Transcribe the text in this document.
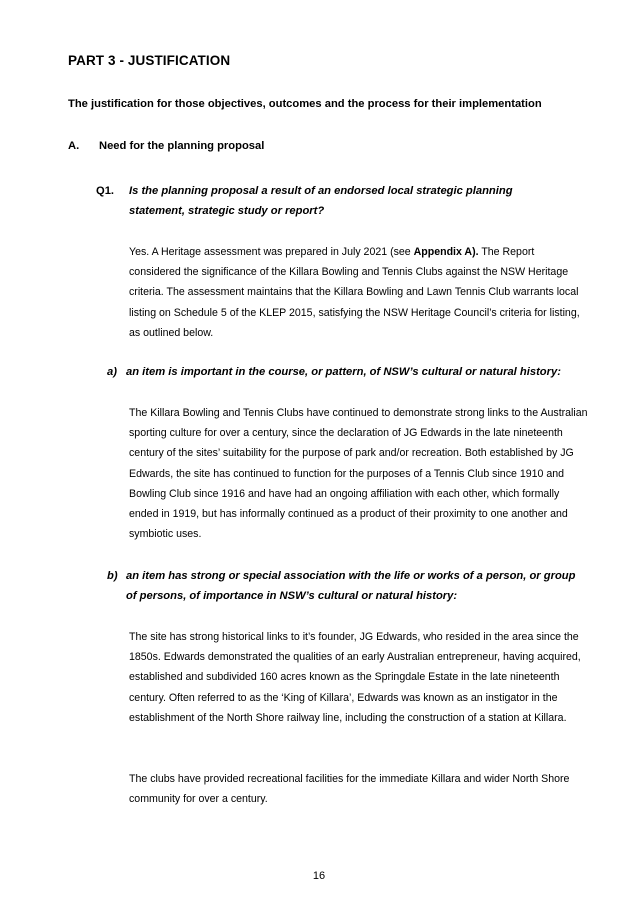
PART 3 - JUSTIFICATION

The justification for those objectives, outcomes and the process for their implementation

A. Need for the planning proposal

Q1. Is the planning proposal a result of an endorsed local strategic planning statement, strategic study or report?

Yes. A Heritage assessment was prepared in July 2021 (see Appendix A). The Report considered the significance of the Killara Bowling and Tennis Clubs against the NSW Heritage criteria. The assessment maintains that the Killara Bowling and Lawn Tennis Club warrants local listing on Schedule 5 of the KLEP 2015, satisfying the NSW Heritage Council’s criteria for listing, as outlined below.

a) an item is important in the course, or pattern, of NSW’s cultural or natural history:

The Killara Bowling and Tennis Clubs have continued to demonstrate strong links to the Australian sporting culture for over a century, since the declaration of JG Edwards in the late nineteenth century of the sites’ suitability for the purpose of park and/or recreation. Both established by JG Edwards, the site has continued to function for the purposes of a Tennis Club since 1910 and Bowling Club since 1916 and have had an ongoing affiliation with each other, which formally ended in 1919, but has informally continued as a product of their proximity to one another and symbiotic uses.

b) an item has strong or special association with the life or works of a person, or group of persons, of importance in NSW’s cultural or natural history:

The site has strong historical links to it’s founder, JG Edwards, who resided in the area since the 1850s. Edwards demonstrated the qualities of an early Australian entrepreneur, having acquired, established and subdivided 160 acres known as the Springdale Estate in the late nineteenth century. Often referred to as the ‘King of Killara’, Edwards was known as an instigator in the establishment of the North Shore railway line, including the construction of a station at Killara.

The clubs have provided recreational facilities for the immediate Killara and wider North Shore community for over a century.

16
